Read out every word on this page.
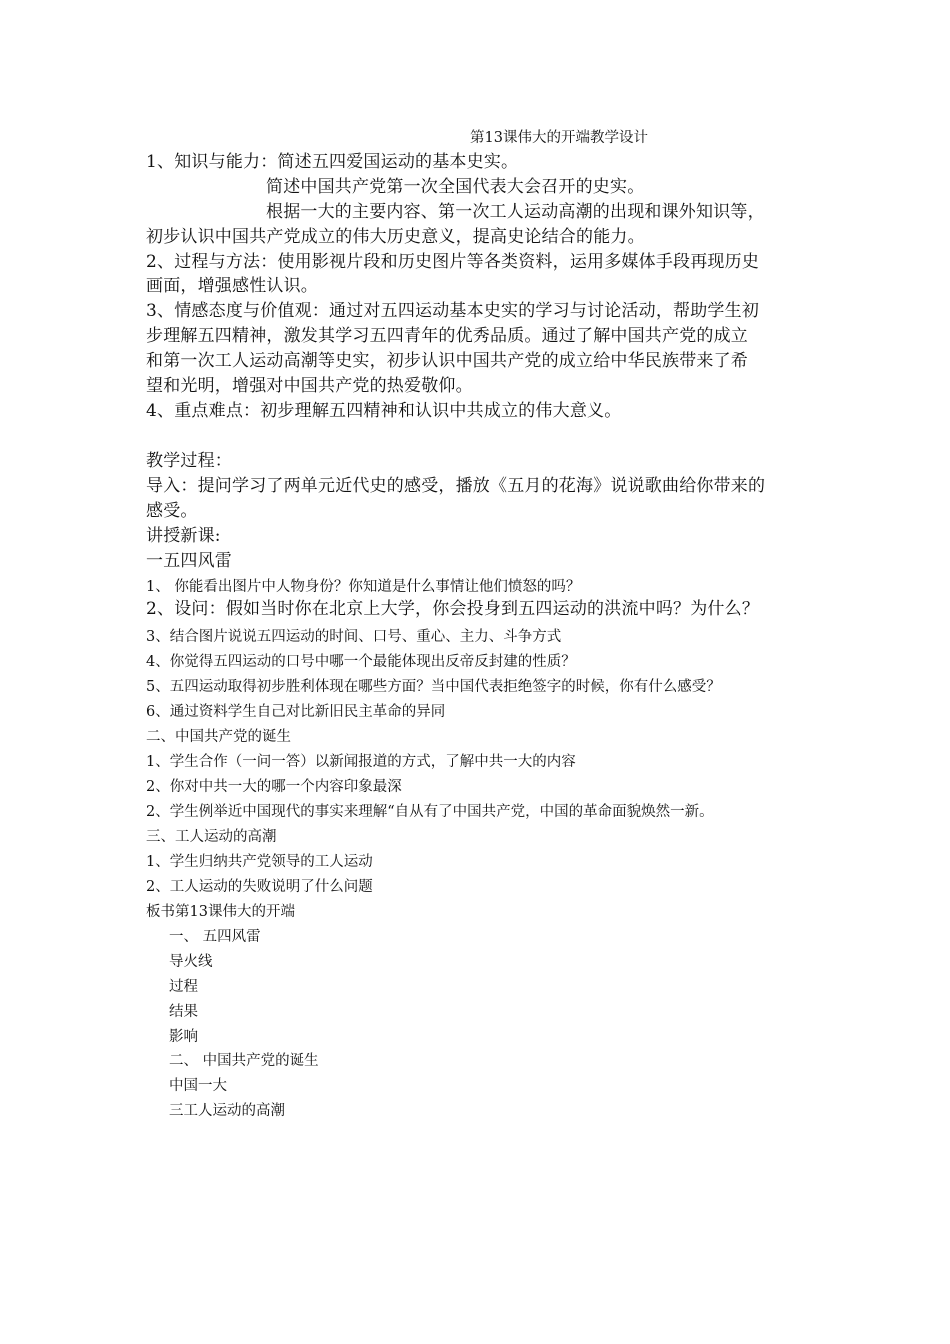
第13课伟大的开端教学设计
1、知识与能力：简述五四爱国运动的基本史实。
简述中国共产党第一次全国代表大会召开的史实。
根据一大的主要内容、第一次工人运动高潮的出现和课外知识等，
初步认识中国共产党成立的伟大历史意义，提高史论结合的能力。
2、过程与方法：使用影视片段和历史图片等各类资料，运用多媒体手段再现历史
画面，增强感性认识。
3、情感态度与价值观：通过对五四运动基本史实的学习与讨论活动，帮助学生初
步理解五四精神，激发其学习五四青年的优秀品质。通过了解中国共产党的成立
和第一次工人运动高潮等史实，初步认识中国共产党的成立给中华民族带来了希
望和光明，增强对中国共产党的热爱敬仰。
4、重点难点：初步理解五四精神和认识中共成立的伟大意义。
教学过程：
导入：提问学习了两单元近代史的感受，播放《五月的花海》说说歌曲给你带来的
感受。
讲授新课:
一五四风雷
1、 你能看出图片中人物身份？你知道是什么事情让他们愤怒的吗？
2、设问：假如当时你在北京上大学，你会投身到五四运动的洪流中吗？为什么？
3、结合图片说说五四运动的时间、口号、重心、主力、斗争方式
4、你觉得五四运动的口号中哪一个最能体现出反帝反封建的性质？
5、五四运动取得初步胜利体现在哪些方面？当中国代表拒绝签字的时候，你有什么感受？
6、通过资料学生自己对比新旧民主革命的异同
二、中国共产党的诞生
1、学生合作（一问一答）以新闻报道的方式，了解中共一大的内容
2、你对中共一大的哪一个内容印象最深
2、学生例举近中国现代的事实来理解“自从有了中国共产党，中国的革命面貌焕然一新。
三、工人运动的高潮
1、学生归纳共产党领导的工人运动
2、工人运动的失败说明了什么问题
板书第13课伟大的开端
一、 五四风雷
导火线
过程
结果
影响
二、 中国共产党的诞生
中国一大
三工人运动的高潮
